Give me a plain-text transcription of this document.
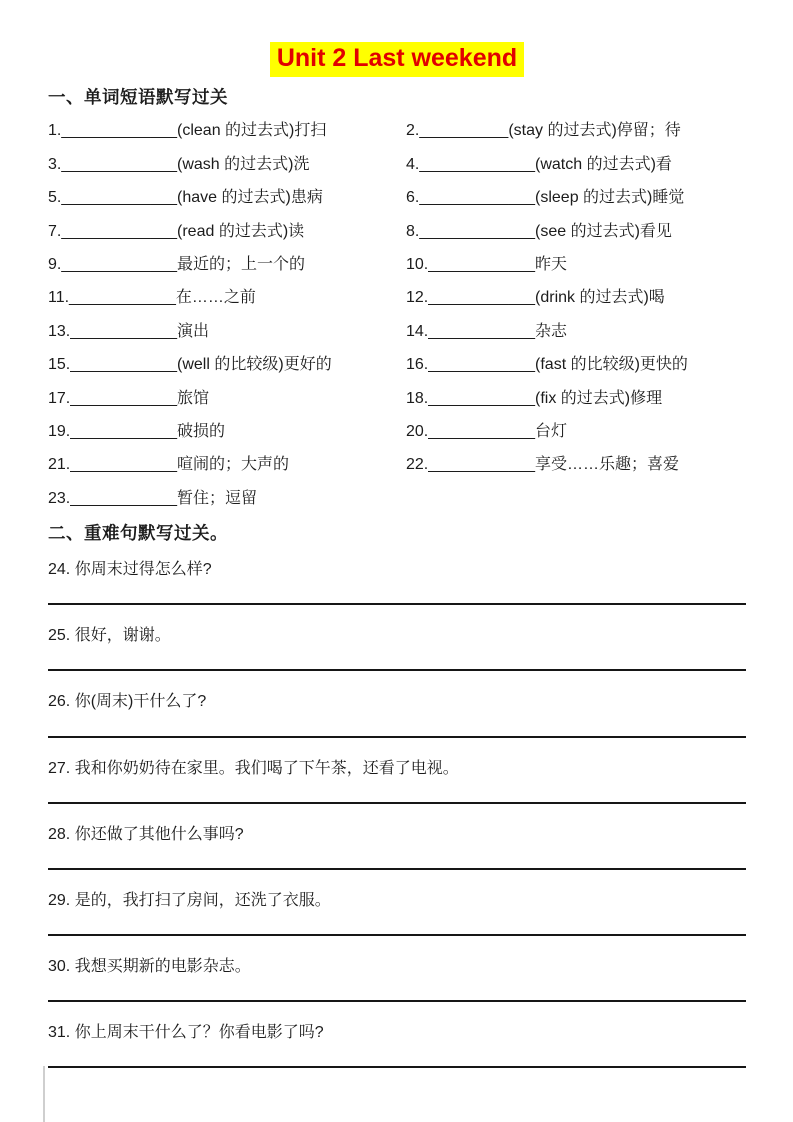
Unit 2 Last weekend
一、单词短语默写过关
1._____________(clean 的过去式)打扫	2.__________(stay 的过去式)停留；待
3._____________(wash 的过去式)洗	4._____________(watch 的过去式)看
5._____________(have 的过去式)患病	6._____________(sleep 的过去式)睡觉
7._____________(read 的过去式)读	8._____________(see 的过去式)看见
9._____________最近的；上一个的	10.____________昨天
11.____________在……之前	12.____________(drink 的过去式)喝
13.____________演出	14.____________杂志
15.____________(well 的比较级)更好的	16.____________(fast 的比较级)更快的
17.____________旅馆	18.____________(fix 的过去式)修理
19.____________破损的	20.____________台灯
21.____________喧闹的；大声的	22.____________享受……乐趣；喜爱
23.____________暂住；逗留
二、重难句默写过关。

24. 你周末过得怎么样?

25. 很好，谢谢。

26. 你(周末)干什么了?

27. 我和你奶奶待在家里。我们喝了下午茶，还看了电视。

28. 你还做了其他什么事吗?

29. 是的，我打扫了房间，还洗了衣服。

30. 我想买期新的电影杂志。

31. 你上周末干什么了？你看电影了吗?
